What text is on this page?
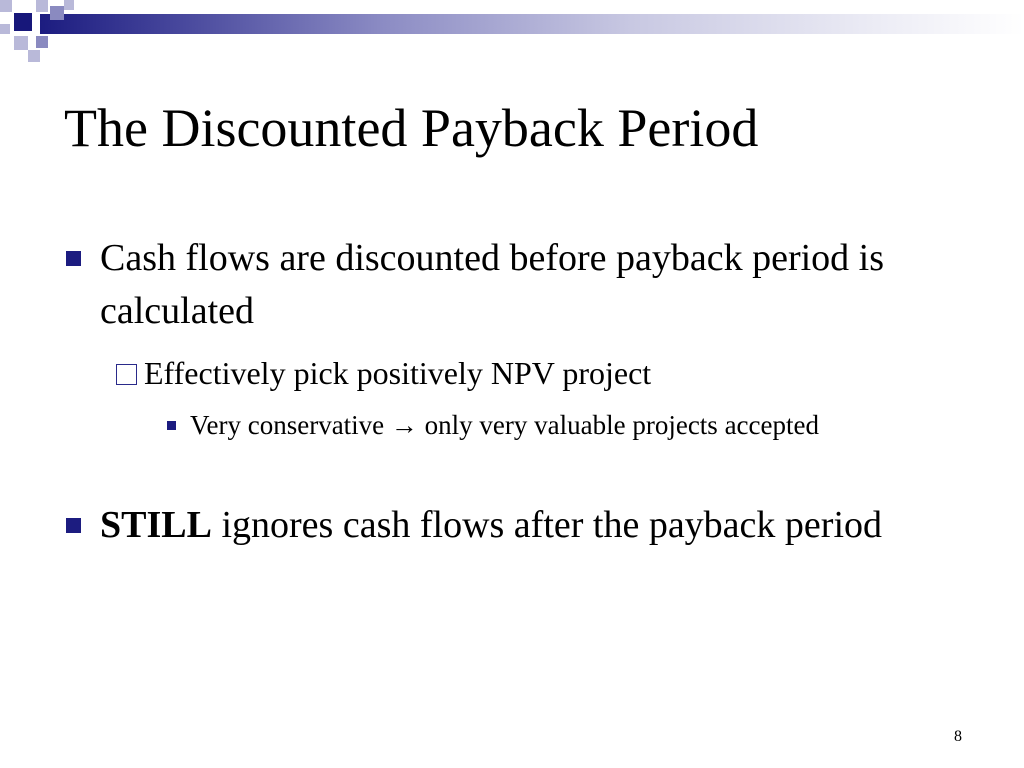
The Discounted Payback Period
Cash flows are discounted before payback period is calculated
Effectively pick positively NPV project
Very conservative → only very valuable projects accepted
STILL ignores cash flows after the payback period
8
